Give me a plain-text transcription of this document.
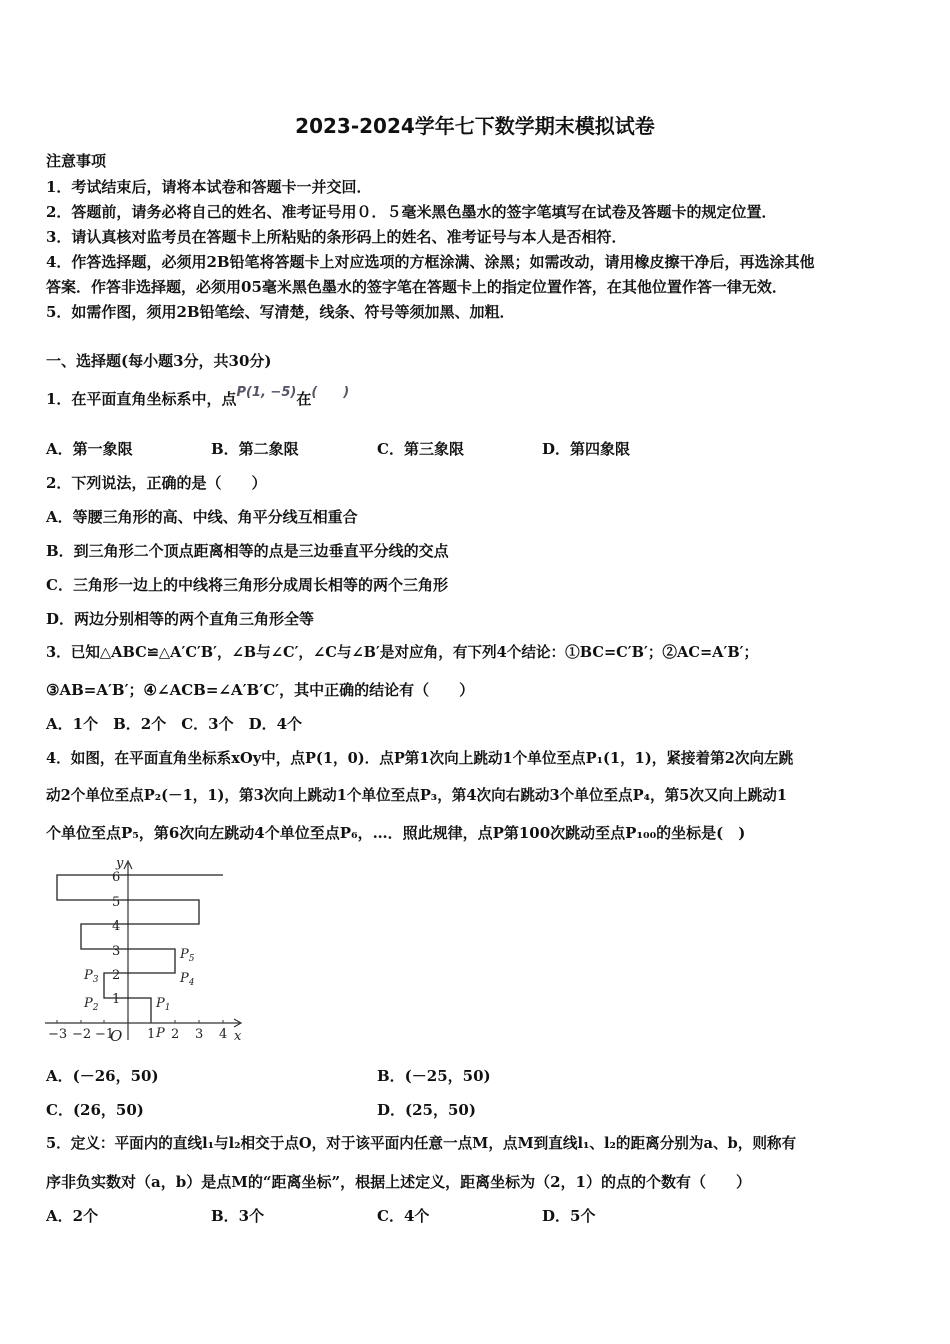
2023-2024学年七下数学期末模拟试卷
注意事项
1．考试结束后，请将本试卷和答题卡一并交回．
2．答题前，请务必将自己的姓名、准考证号用０．５毫米黑色墨水的签字笔填写在试卷及答题卡的规定位置．
3．请认真核对监考员在答题卡上所粘贴的条形码上的姓名、准考证号与本人是否相符．
4．作答选择题，必须用2B铅笔将答题卡上对应选项的方框涂满、涂黑；如需改动，请用橡皮擦干净后，再选涂其他
答案．作答非选择题，必须用05毫米黑色墨水的签字笔在答题卡上的指定位置作答，在其他位置作答一律无效．
5．如需作图，须用2B铅笔绘、写清楚，线条、符号等须加黑、加粗．
一、选择题(每小题3分，共30分)
1．在平面直角坐标系中，点P(1, −5)在(　　)
A．第一象限	B．第二象限	C．第三象限	D．第四象限
2．下列说法，正确的是（　　）
A．等腰三角形的高、中线、角平分线互相重合
B．到三角形二个顶点距离相等的点是三边垂直平分线的交点
C．三角形一边上的中线将三角形分成周长相等的两个三角形
D．两边分别相等的两个直角三角形全等
3．已知△ABC≌△A′C′B′，∠B与∠C′，∠C与∠B′是对应角，有下列4个结论：①BC=C′B′；②AC=A′B′；
③AB=A′B′；④∠ACB=∠A′B′C′，其中正确的结论有（　　）
A．1个　B．2个　C．3个　D．4个
4．如图，在平面直角坐标系xOy中，点P(1，0)．点P第1次向上跳动1个单位至点P₁(1，1)，紧接着第2次向左跳
动2个单位至点P₂(－1，1)，第3次向上跳动1个单位至点P₃，第4次向右跳动3个单位至点P₄，第5次又向上跳动1
个单位至点P₅，第6次向左跳动4个单位至点P₆，…．照此规律，点P第100次跳动至点P₁₀₀的坐标是(　)
−3 −2 −1	1 2 3 4
1
2
3
4
5
6
x
y
O	P
$P_1$
$P_2$
$P_3$	$P_4$
$P_5$
A．(－26，50)	B．(－25，50)
C．(26，50)	D．(25，50)
5．定义：平面内的直线l₁与l₂相交于点O，对于该平面内任意一点M，点M到直线l₁、l₂的距离分别为a、b，则称有
序非负实数对（a，b）是点M的“距离坐标”，根据上述定义，距离坐标为（2，1）的点的个数有（　　）
A．2个	B．3个	C．4个	D．5个
